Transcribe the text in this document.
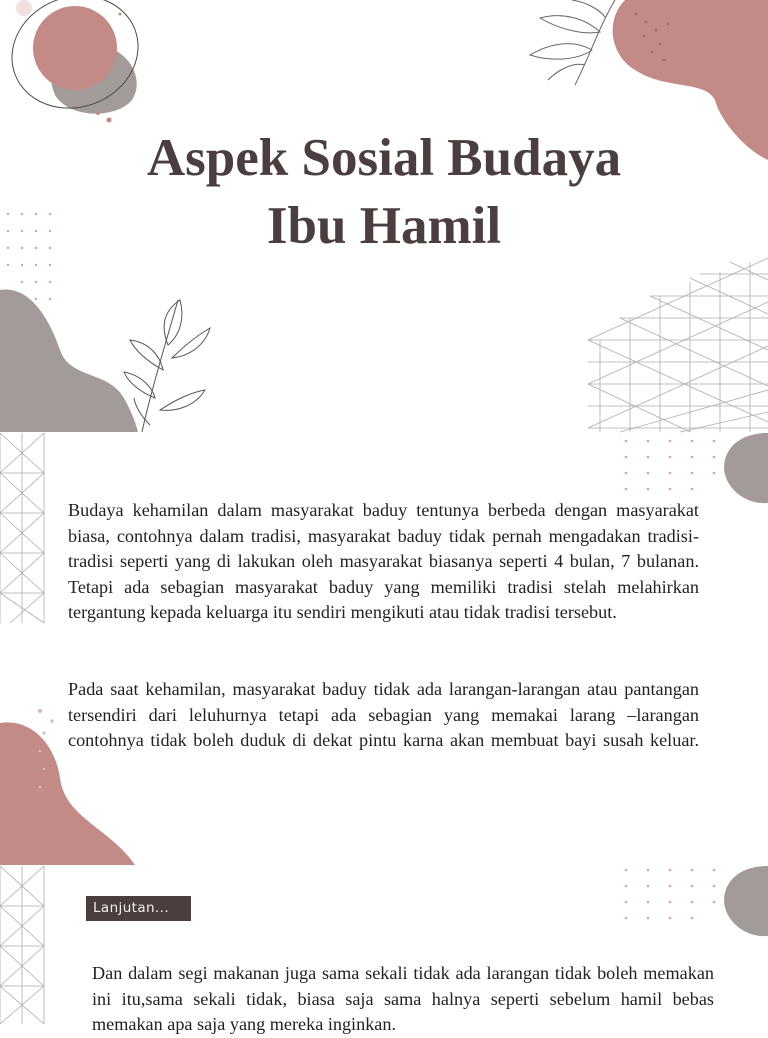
Aspek Sosial Budaya
Ibu Hamil

Budaya kehamilan dalam masyarakat baduy tentunya berbeda dengan masyarakat biasa, contohnya dalam tradisi, masyarakat baduy tidak pernah mengadakan tradisi-tradisi seperti yang di lakukan oleh masyarakat biasanya seperti 4 bulan, 7 bulanan. Tetapi ada sebagian masyarakat baduy yang memiliki tradisi stelah melahirkan tergantung kepada keluarga itu sendiri mengikuti atau tidak tradisi tersebut.

Pada saat kehamilan, masyarakat baduy tidak ada larangan-larangan atau pantangan tersendiri dari leluhurnya tetapi ada sebagian yang memakai larang –larangan contohnya tidak boleh duduk di dekat pintu karna akan membuat bayi susah keluar.

Lanjutan...

Dan dalam segi makanan juga sama sekali tidak ada larangan tidak boleh memakan ini itu,sama sekali tidak, biasa saja sama halnya seperti sebelum hamil bebas memakan apa saja yang mereka inginkan.
